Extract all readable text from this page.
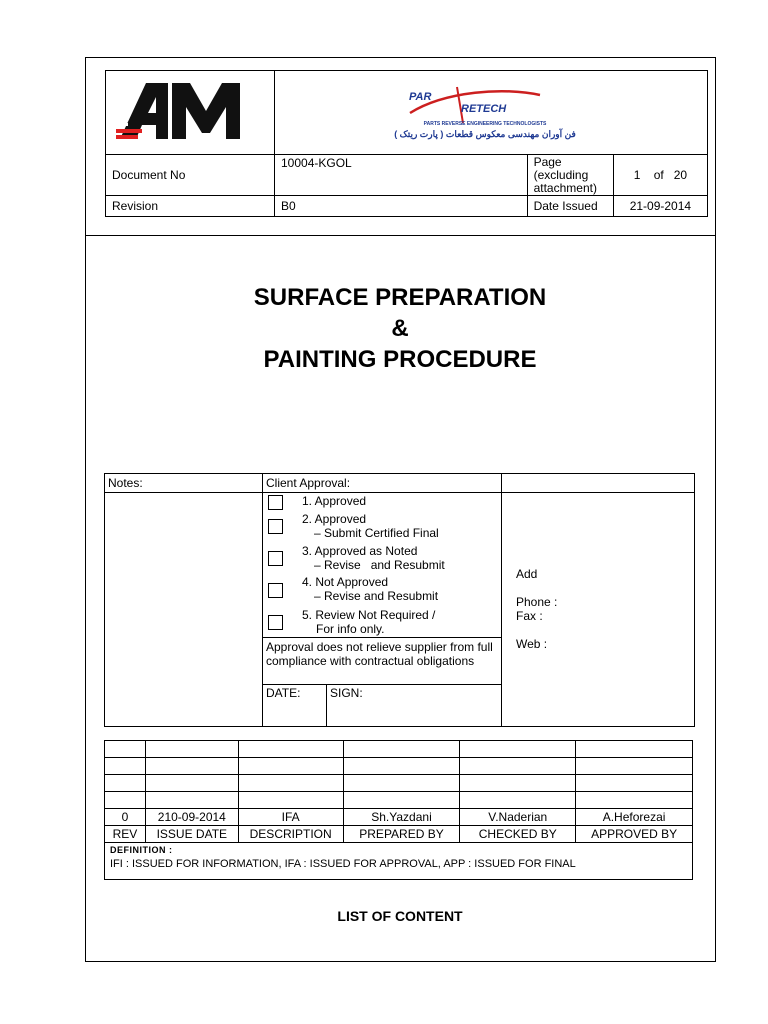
AM	PAR
RETECH
PARTS REVERSE ENGINEERING TECHNOLOGISTS
فن آوران مهندسی معکوس قطعات ( پارت ریتک )		

Document No	10004-KGOL	Page (excluding attachment)	1    of   20
Revision	B0	Date Issued	21-09-2014
SURFACE PREPARATION
&
PAINTING PROCEDURE
Notes:	Client Approval:
1. Approved
2. Approved
– Submit Certified Final
3. Approved as Noted
– Revise   and Resubmit
4. Not Approved
– Revise and Resubmit
5. Review Not Required /
For info only.
Approval does not relieve supplier from full compliance with contractual obligations
DATE: SIGN:
Add
Phone :
Fax :
Web :

0	210-09-2014	IFA	Sh.Yazdani	V.Naderian	A.Heforezai
REV	ISSUE DATE	DESCRIPTION	PREPARED BY	CHECKED BY	APPROVED BY

DEFINITION :
IFI : ISSUED FOR INFORMATION, IFA : ISSUED FOR APPROVAL, APP : ISSUED FOR FINAL					
LIST OF CONTENT
